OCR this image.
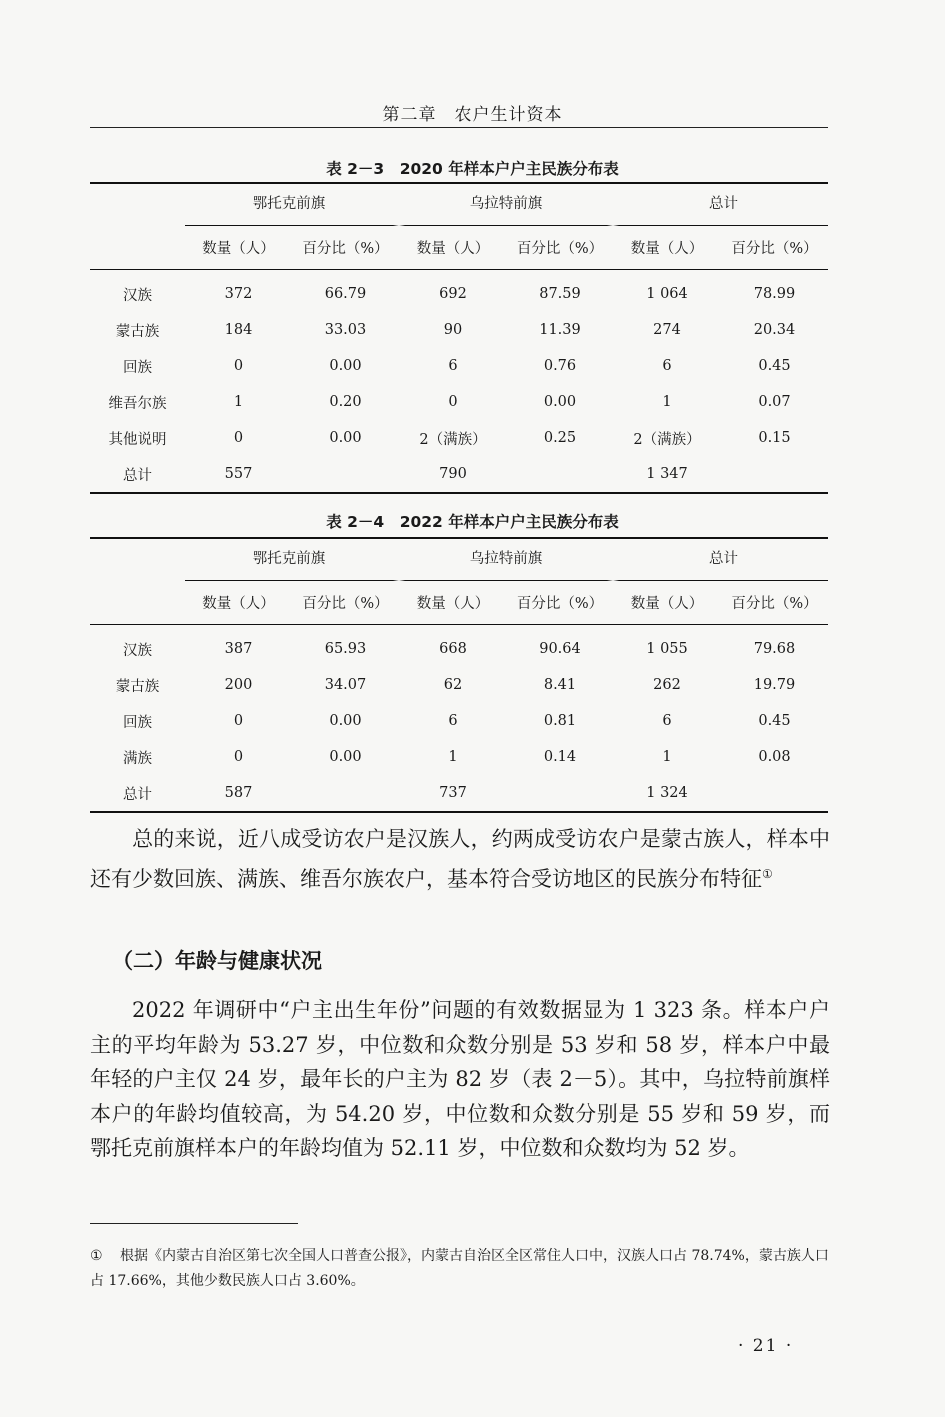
第二章　农户生计资本
表 2－3　2020 年样本户户主民族分布表

	鄂托克前旗		乌拉特前旗		总计	

	数量（人）	百分比（%）	数量（人）	百分比（%）	数量（人）	百分比（%）
汉族	372	66.79	692	87.59	1 064	78.99
蒙古族	184	33.03	90	11.39	274	20.34
回族	0	0.00	6	0.76	6	0.45
维吾尔族	1	0.20	0	0.00	1	0.07
其他说明	0	0.00	2（满族）	0.25	2（满族）	0.15
总计	557		790		1 347	
表 2－4　2022 年样本户户主民族分布表

	鄂托克前旗		乌拉特前旗		总计	

	数量（人）	百分比（%）	数量（人）	百分比（%）	数量（人）	百分比（%）
汉族	387	65.93	668	90.64	1 055	79.68
蒙古族	200	34.07	62	8.41	262	19.79
回族	0	0.00	6	0.81	6	0.45
满族	0	0.00	1	0.14	1	0.08
总计	587		737		1 324	
总的来说，近八成受访农户是汉族人，约两成受访农户是蒙古族人，样本中还有少数回族、满族、维吾尔族农户，基本符合受访地区的民族分布特征①
（二）年龄与健康状况
2022 年调研中“户主出生年份”问题的有效数据显为 1 323 条。样本户户主的平均年龄为 53.27 岁，中位数和众数分别是 53 岁和 58 岁，样本户中最年轻的户主仅 24 岁，最年长的户主为 82 岁（表 2－5）。其中，乌拉特前旗样本户的年龄均值较高，为 54.20 岁，中位数和众数分别是 55 岁和 59 岁，而鄂托克前旗样本户的年龄均值为 52.11 岁，中位数和众数均为 52 岁。
① 根据《内蒙古自治区第七次全国人口普查公报》，内蒙古自治区全区常住人口中，汉族人口占 78.74%，蒙古族人口占 17.66%，其他少数民族人口占 3.60%。
· 21 ·
